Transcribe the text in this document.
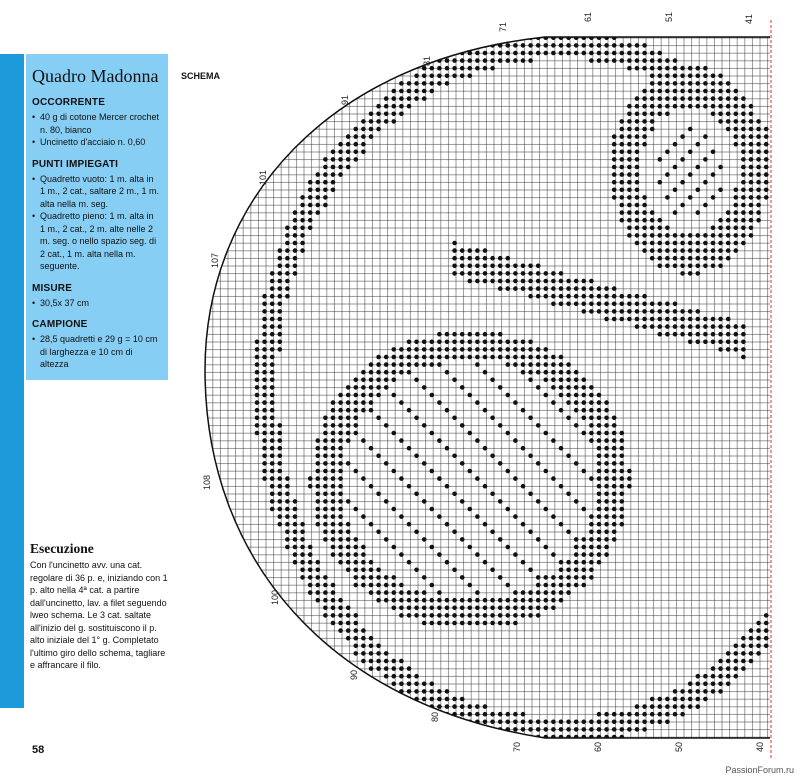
Quadro Madonna
OCCORRENTE
• 40 g di cotone Mercer crochet n. 80, bianco
• Uncinetto d'acciaio n. 0,60
PUNTI IMPIEGATI
• Quadretto vuoto: 1 m. alta in 1 m., 2 cat., saltare 2 m., 1 m. alta nella m. seg.
• Quadretto pieno: 1 m. alta in 1 m., 2 cat., 2 m. alte nelle 2 m. seg. o nello spazio seg. di 2 cat., 1 m. alta nella m. seguente.
MISURE
• 30,5x 37 cm
CAMPIONE
• 28,5 quadretti e 29 g = 10 cm di larghezza e 10 cm di altezza
SCHEMA
Esecuzione

Con l'uncinetto avv. una cat. regolare di 36 p. e, iniziando con 1 p. alto nella 4ª cat. a partire dall'uncinetto, lav. a filet seguendo lweo schema. Le 3 cat. saltate all'inizio del g. sostituiscono il p. alto iniziale del 1° g. Completato l'ultimo giro dello schema, tagliare e affrancare il filo.

58
PassionForum.ru
71
61	51	41
81
91
101
107
108
100
90
80
70	60	50	40
